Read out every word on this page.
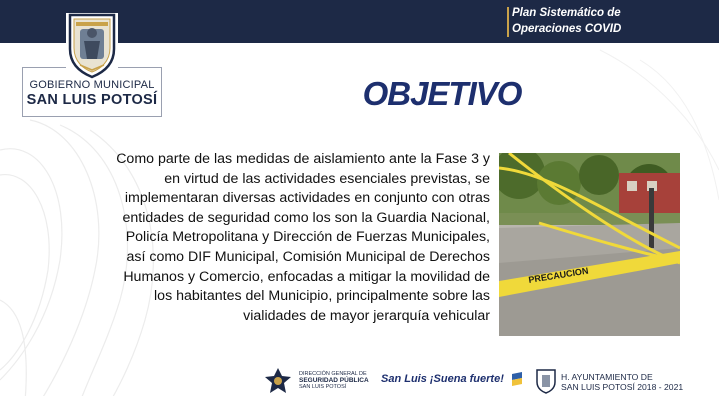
Plan Sistemático de
Operaciones COVID
GOBIERNO MUNICIPAL
SAN LUIS POTOSÍ	OBJETIVO
Como parte de las medidas de aislamiento ante la Fase 3 y en virtud de las actividades esenciales previstas, se implementaran diversas actividades en conjunto con otras entidades de seguridad como los son la Guardia Nacional, Policía Metropolitana y Dirección de Fuerzas Municipales, así como DIF Municipal, Comisión Municipal de Derechos Humanos y Comercio, enfocadas a mitigar la movilidad de los habitantes del Municipio, principalmente sobre las vialidades de mayor jerarquía vehicular
PRECAUCION
DIRECCIÓN GENERAL DE
SEGURIDAD PÚBLICA
SAN LUIS POTOSÍ
San Luis ¡Suena fuerte!	H. AYUNTAMIENTO DE
SAN LUIS POTOSÍ 2018 - 2021
